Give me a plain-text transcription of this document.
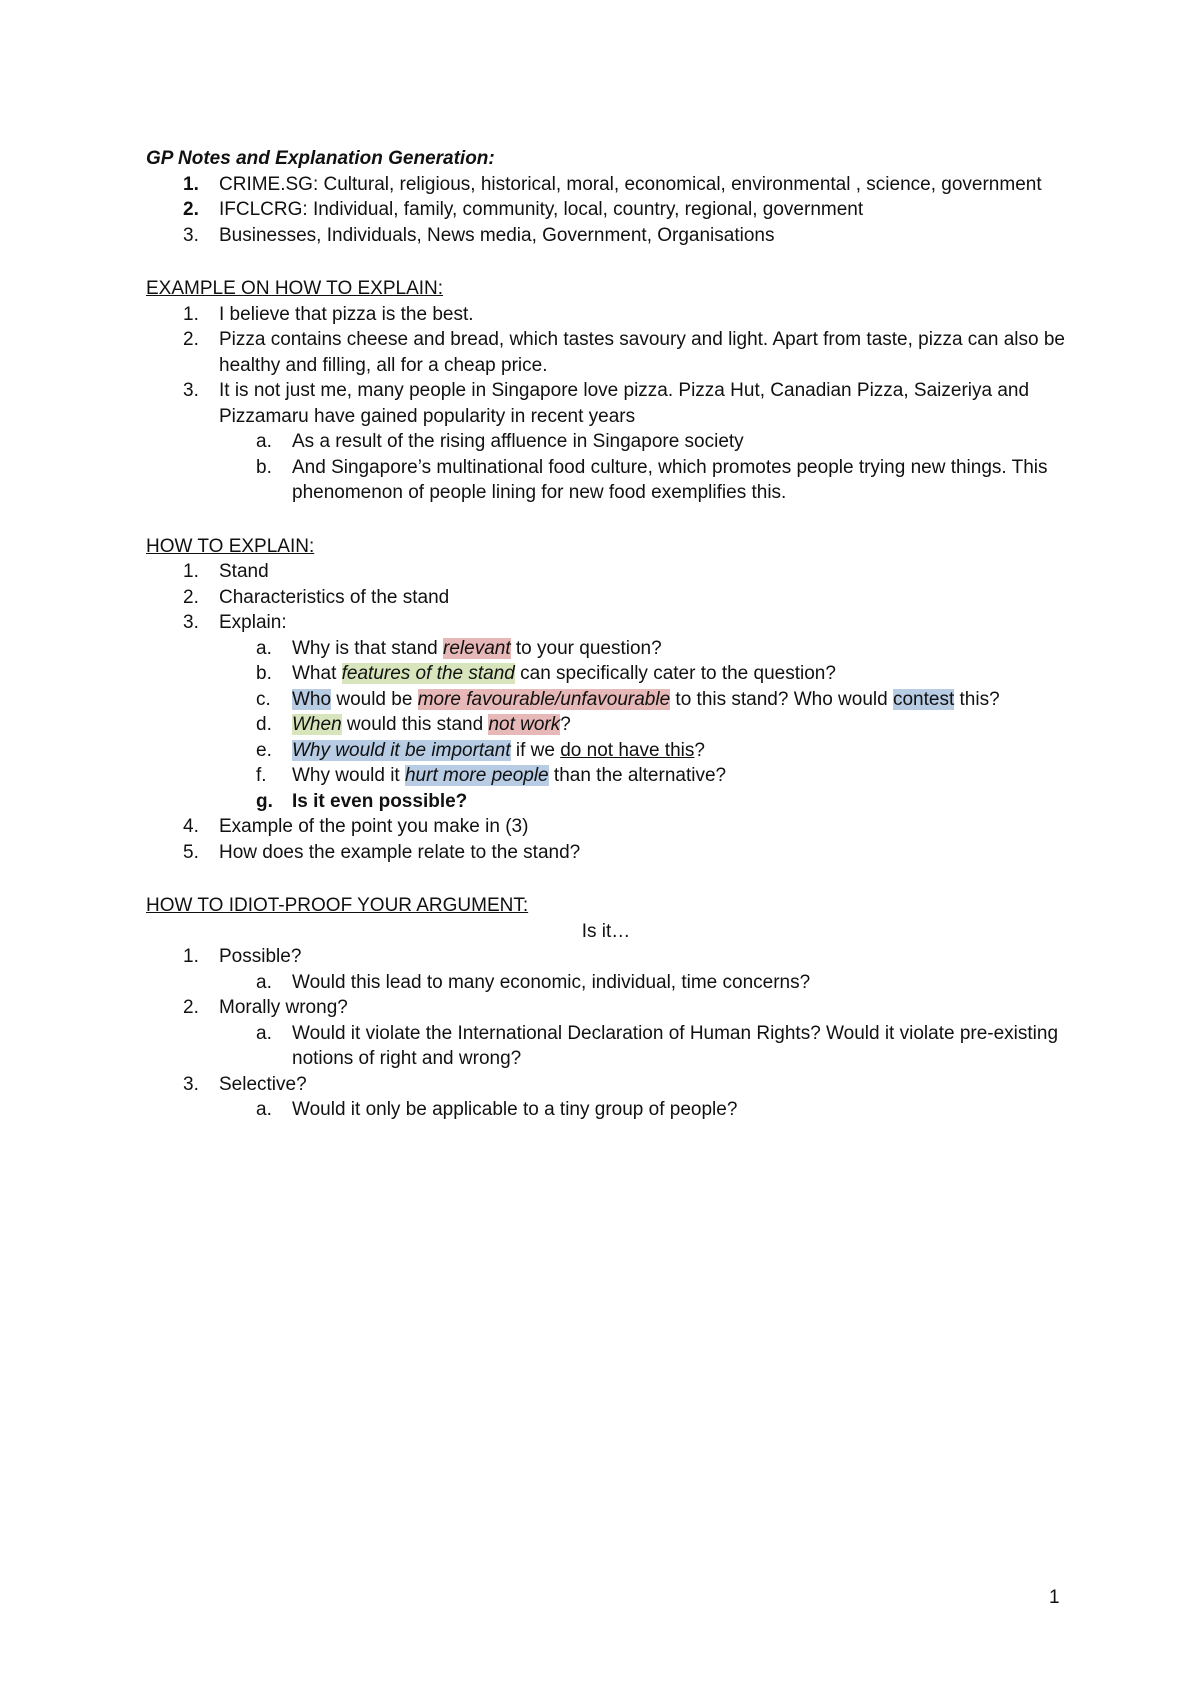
GP Notes and Explanation Generation:

1.	CRIME.SG: Cultural, religious, historical, moral, economical, environmental , science, government
2.	IFCLCRG: Individual, family, community, local, country, regional, government
3.	Businesses, Individuals, News media, Government, Organisations

EXAMPLE ON HOW TO EXPLAIN:

1.	I believe that pizza is the best.
2.	Pizza contains cheese and bread, which tastes savoury and light. Apart from taste, pizza can also be healthy and filling, all for a cheap price.
3.	It is not just me, many people in Singapore love pizza. Pizza Hut, Canadian Pizza, Saizeriya and Pizzamaru have gained popularity in recent years
a.	As a result of the rising affluence in Singapore society
b.	And Singapore’s multinational food culture, which promotes people trying new things. This phenomenon of people lining for new food exemplifies this.

HOW TO EXPLAIN:

1.	Stand
2.	Characteristics of the stand
3.	Explain:
a.	Why is that stand relevant to your question?
b.	What features of the stand can specifically cater to the question?
c.	Who would be more favourable/unfavourable to this stand? Who would contest this?
d.	When would this stand not work?
e.	Why would it be important if we do not have this?
f.	Why would it hurt more people than the alternative?
g.	Is it even possible?
4.	Example of the point you make in (3)
5.	How does the example relate to the stand?

HOW TO IDIOT-PROOF YOUR ARGUMENT:

Is it…
1.	Possible?
a.	Would this lead to many economic, individual, time concerns?
2.	Morally wrong?
a.	Would it violate the International Declaration of Human Rights? Would it violate pre-existing notions of right and wrong?
3.	Selective?
a.	Would it only be applicable to a tiny group of people?
1
